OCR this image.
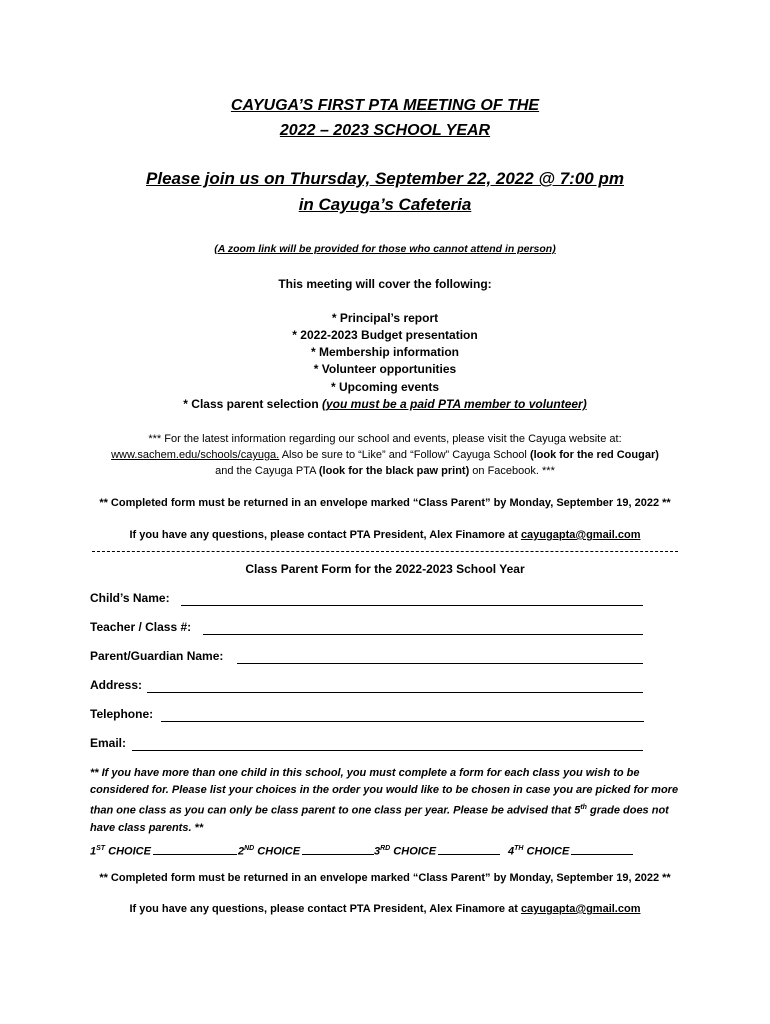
CAYUGA’S FIRST PTA MEETING OF THE
2022 – 2023 SCHOOL YEAR
Please join us on Thursday, September 22, 2022 @ 7:00 pm
in Cayuga’s Cafeteria
(A zoom link will be provided for those who cannot attend in person)
This meeting will cover the following:
* Principal’s report
* 2022-2023 Budget presentation
* Membership information
* Volunteer opportunities
* Upcoming events
* Class parent selection (you must be a paid PTA member to volunteer)
*** For the latest information regarding our school and events, please visit the Cayuga website at:
www.sachem.edu/schools/cayuga. Also be sure to “Like” and “Follow” Cayuga School (look for the red Cougar)
and the Cayuga PTA (look for the black paw print) on Facebook. ***
** Completed form must be returned in an envelope marked “Class Parent” by Monday, September 19, 2022 **
If you have any questions, please contact PTA President, Alex Finamore at cayugapta@gmail.com
Class Parent Form for the 2022-2023 School Year
Child’s Name:
Teacher / Class #:
Parent/Guardian Name:
Address:
Telephone:
Email:
** If you have more than one child in this school, you must complete a form for each class you wish to be considered for. Please list your choices in the order you would like to be chosen in case you are picked for more than one class as you can only be class parent to one class per year. Please be advised that 5th grade does not have class parents. **
1ST CHOICE	2ND CHOICE	3RD CHOICE	4TH CHOICE
** Completed form must be returned in an envelope marked “Class Parent” by Monday, September 19, 2022 **
If you have any questions, please contact PTA President, Alex Finamore at cayugapta@gmail.com
